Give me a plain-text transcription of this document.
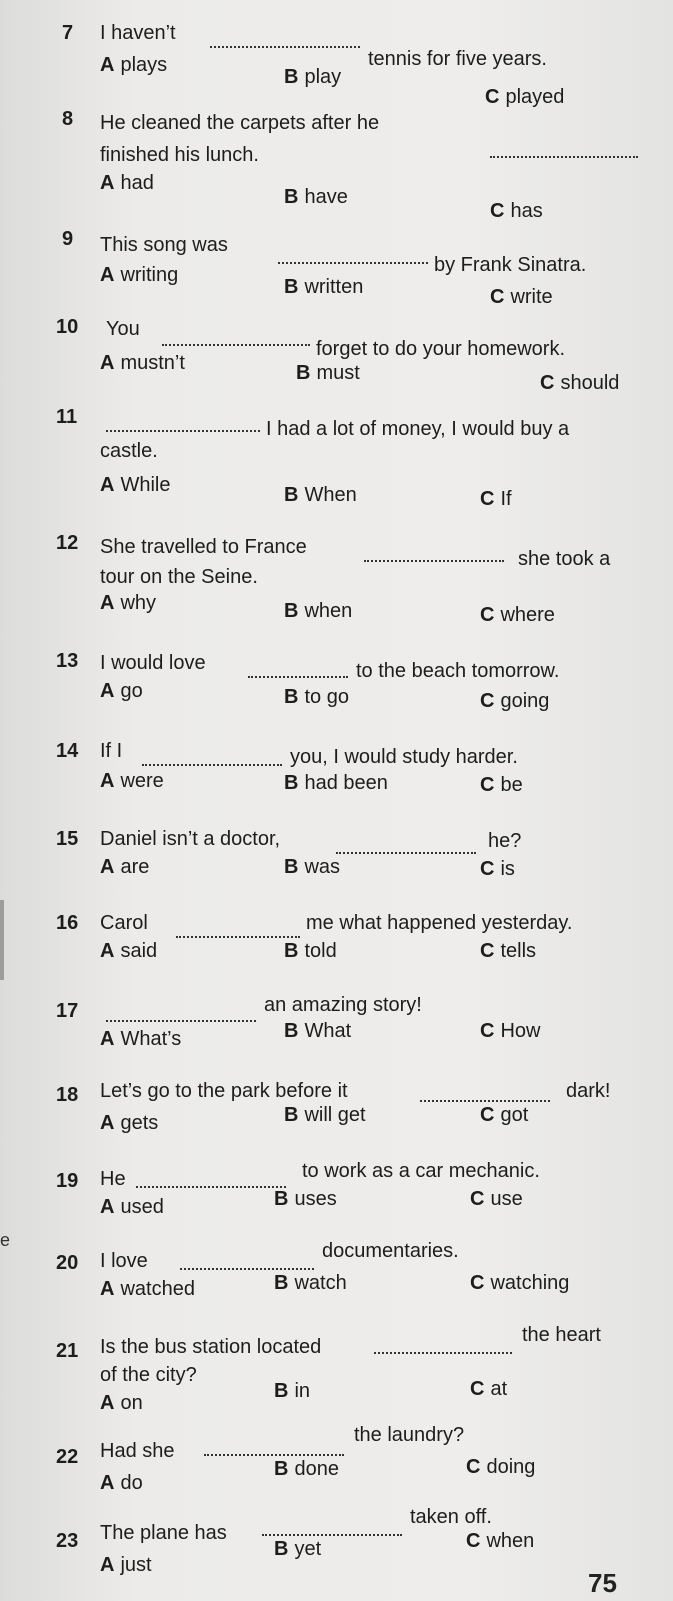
e
7 I haven’t
tennis for five years.
A plays
B play
C played
8 He cleaned the carpets after he
finished his lunch.
A had
B have
C has
9 This song was
by Frank Sinatra.
A writing
B written	C write
10 You
forget to do your homework.
A mustn’t	B must	C should
11
I had a lot of money, I would buy a
castle.
A While	B When	C If
12 She travelled to France
she took a
tour on the Seine.
A why	B when	C where
13 I would love	to the beach tomorrow.
A go	B to go	C going
14 If I	you, I would study harder.
A were	B had been	C be
15 Daniel isn’t a doctor,	he?
A are	B was	C is
16 Carol	me what happened yesterday.
A said	B told	C tells
17	an amazing story!
A What’s	B What	C How
18 Let’s go to the park before it	dark!
A gets	B will get	C got
19 He	to work as a car mechanic.
A used	B uses	C use
20 I love	documentaries.
A watched	B watch	C watching
21 Is the bus station located
the heart
of the city?
A on
B in	C at
22 Had she
the laundry?
A do
B done	C doing
23 The plane has
taken off.
A just
B yet	C when
75
